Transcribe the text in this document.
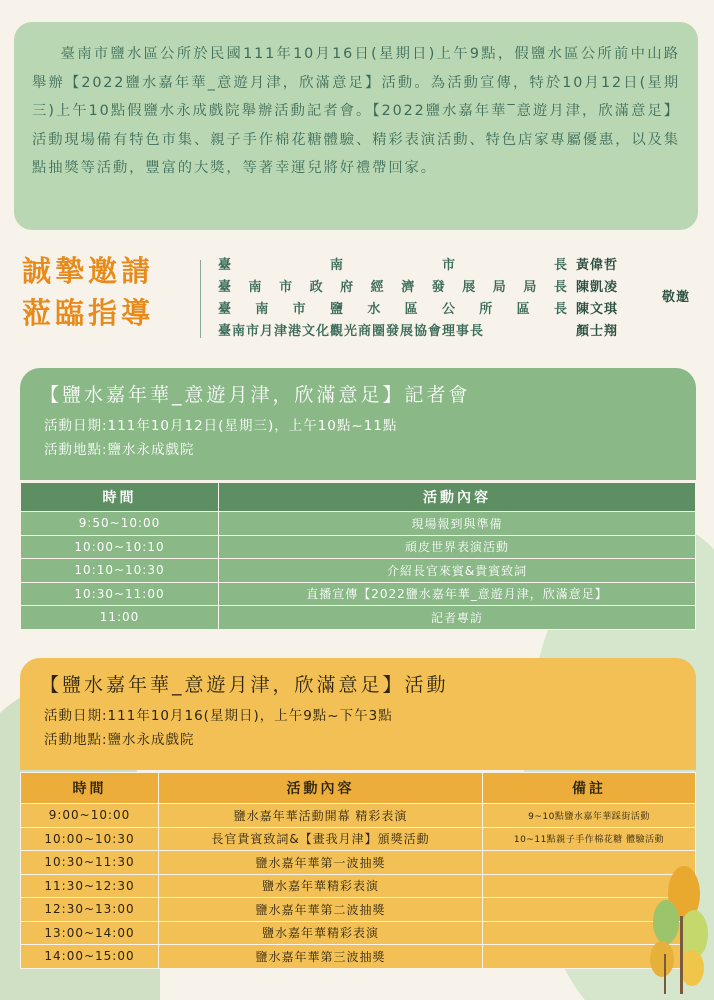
臺南市鹽水區公所於民國111年10月16日(星期日)上午9點，假鹽水區公所前中山路舉辦【2022鹽水嘉年華_意遊月津，欣滿意足】活動。為活動宣傳，特於10月12日(星期三)上午10點假鹽水永成戲院舉辦活動記者會。【2022鹽水嘉年華‾意遊月津，欣滿意足】活動現場備有特色市集、親子手作棉花糖體驗、精彩表演活動、特色店家專屬優惠，以及集點抽獎等活動，豐富的大獎，等著幸運兒將好禮帶回家。

誠摯邀請
蒞臨指導
臺	南	市	長 黃偉哲
臺 南 市 政 府 經 濟 發 展 局 局 長 陳凱凌
臺 南 市 鹽 水 區 公 所 區 長 陳文琪
臺南市月津港文化觀光商圈發展協會理事長	顏士翔
敬邀
【鹽水嘉年華_意遊月津，欣滿意足】記者會
活動日期:111年10月12日(星期三)，上午10點~11點
活動地點:鹽水永成戲院
時間	活動內容
9:50~10:00	現場報到與準備
10:00~10:10	頑皮世界表演活動
10:10~10:30	介紹長官來賓&貴賓致詞
10:30~11:00	直播宣傳【2022鹽水嘉年華_意遊月津，欣滿意足】
11:00	記者專訪
【鹽水嘉年華_意遊月津，欣滿意足】活動
活動日期:111年10月16(星期日)，上午9點~下午3點
活動地點:鹽水永成戲院
時間	活動內容	備註
9:00~10:00	鹽水嘉年華活動開幕 精彩表演	9~10點鹽水嘉年華踩街活動
10:00~10:30	長官貴賓致詞&【畫我月津】頒獎活動	10~11點親子手作棉花糖 體驗活動
10:30~11:30	鹽水嘉年華第一波抽獎	
11:30~12:30	鹽水嘉年華精彩表演	
12:30~13:00	鹽水嘉年華第二波抽獎	
13:00~14:00	鹽水嘉年華精彩表演	
14:00~15:00	鹽水嘉年華第三波抽獎	
